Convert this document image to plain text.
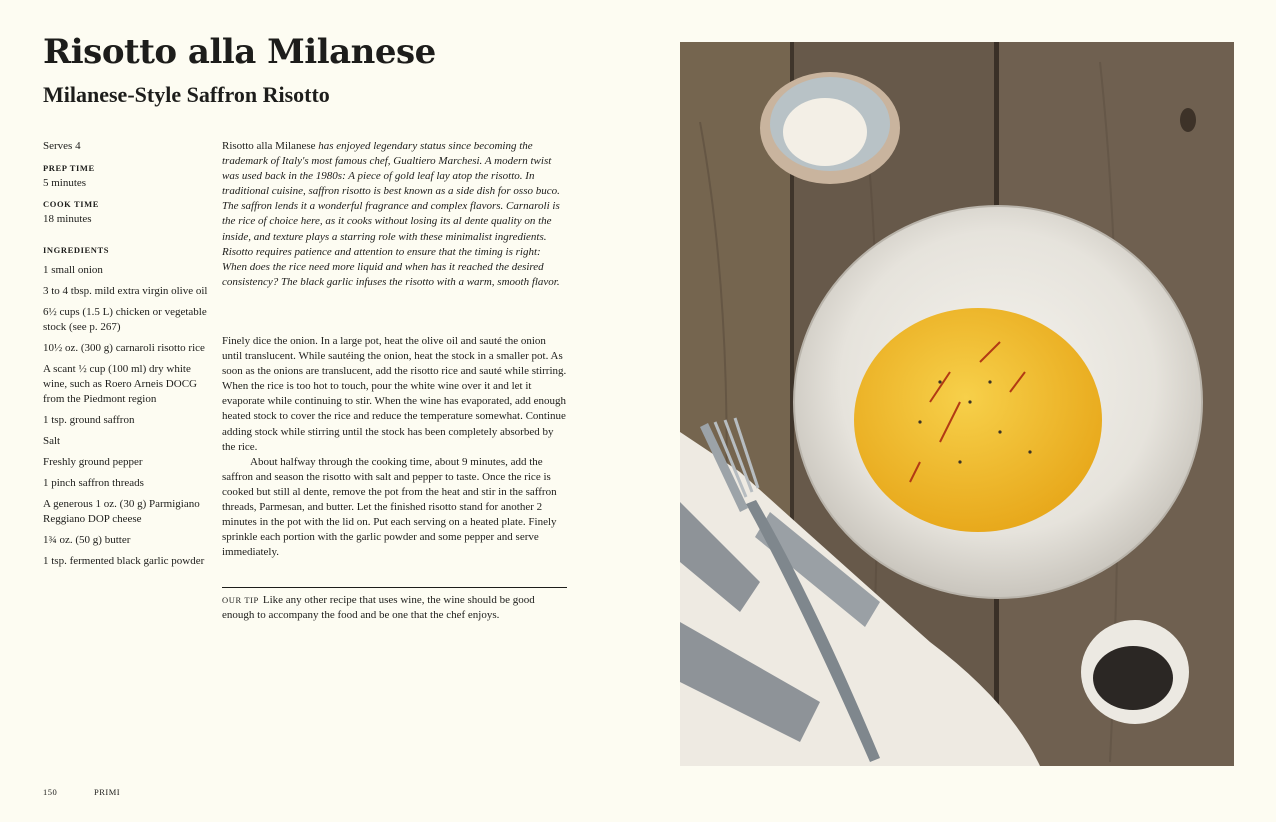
Risotto alla Milanese
Milanese-Style Saffron Risotto
Serves 4
PREP TIME
5 minutes
COOK TIME
18 minutes
INGREDIENTS
1 small onion
3 to 4 tbsp. mild extra virgin olive oil
6½ cups (1.5 L) chicken or vegetable stock (see p. 267)
10½ oz. (300 g) carnaroli risotto rice
A scant ½ cup (100 ml) dry white wine, such as Roero Arneis DOCG from the Piedmont region
1 tsp. ground saffron
Salt
Freshly ground pepper
1 pinch saffron threads
A generous 1 oz. (30 g) Parmigiano Reggiano DOP cheese
1¾ oz. (50 g) butter
1 tsp. fermented black garlic powder
Risotto alla Milanese has enjoyed legendary status since becoming the trademark of Italy's most famous chef, Gualtiero Marchesi. A modern twist was used back in the 1980s: A piece of gold leaf lay atop the risotto. In traditional cuisine, saffron risotto is best known as a side dish for osso buco. The saffron lends it a wonderful fragrance and complex flavors. Carnaroli is the rice of choice here, as it cooks without losing its al dente quality on the inside, and texture plays a starring role with these minimalist ingredients. Risotto requires patience and attention to ensure that the timing is right: When does the rice need more liquid and when has it reached the desired consistency? The black garlic infuses the risotto with a warm, smooth flavor.

Finely dice the onion. In a large pot, heat the olive oil and sauté the onion until translucent. While sautéing the onion, heat the stock in a smaller pot. As soon as the onions are translucent, add the risotto rice and sauté while stirring. When the rice is too hot to touch, pour the white wine over it and let it evaporate while continuing to stir. When the wine has evaporated, add enough heated stock to cover the rice and reduce the temperature somewhat. Continue adding stock while stirring until the stock has been completely absorbed by the rice.

About halfway through the cooking time, about 9 minutes, add the saffron and season the risotto with salt and pepper to taste. Once the rice is cooked but still al dente, remove the pot from the heat and stir in the saffron threads, Parmesan, and butter. Let the finished risotto stand for another 2 minutes in the pot with the lid on. Put each serving on a heated plate. Finely sprinkle each portion with the garlic powder and some pepper and serve immediately.

OUR TIP Like any other recipe that uses wine, the wine should be good enough to accompany the food and be one that the chef enjoys.
150	PRIMI
